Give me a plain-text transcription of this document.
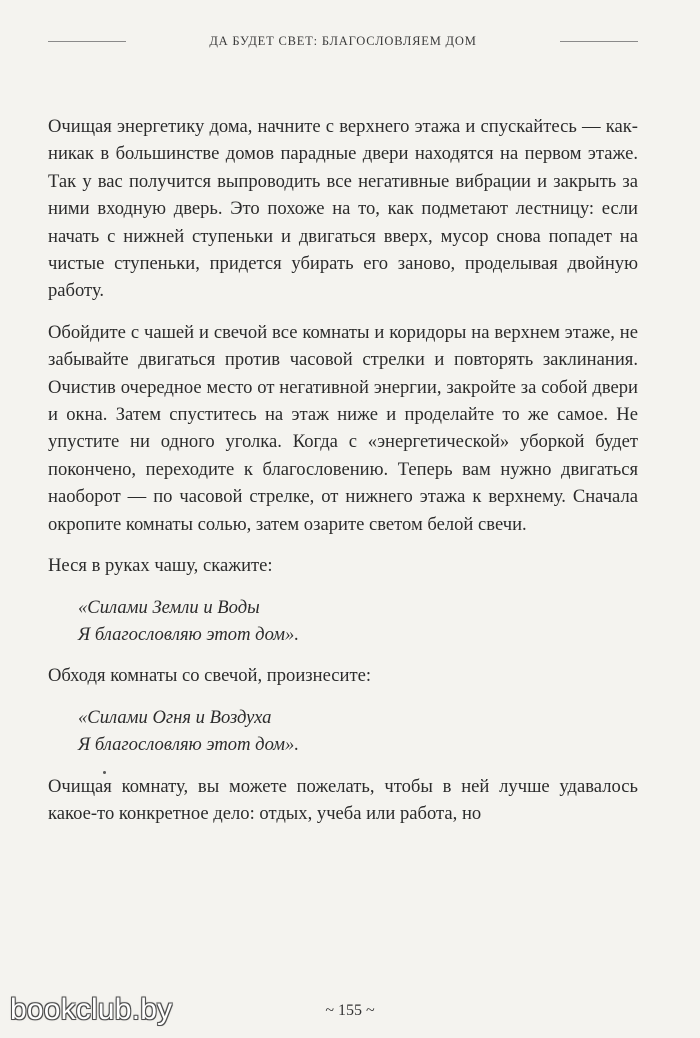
ДА БУДЕТ СВЕТ: БЛАГОСЛОВЛЯЕМ ДОМ

Очищая энергетику дома, начните с верхнего этажа и спускайтесь — как-никак в большинстве домов парадные двери находятся на первом этаже. Так у вас получится выпроводить все негативные вибрации и закрыть за ними входную дверь. Это похоже на то, как подметают лестницу: если начать с нижней ступеньки и двигаться вверх, мусор снова попадет на чистые ступеньки, придется убирать его заново, проделывая двойную работу.

Обойдите с чашей и свечой все комнаты и коридоры на верхнем этаже, не забывайте двигаться против часовой стрелки и повторять заклинания. Очистив очередное место от негативной энергии, закройте за собой двери и окна. Затем спуститесь на этаж ниже и проделайте то же самое. Не упустите ни одного уголка. Когда с «энергетической» уборкой будет покончено, переходите к благословению. Теперь вам нужно двигаться наоборот — по часовой стрелке, от нижнего этажа к верхнему. Сначала окропите комнаты солью, затем озарите светом белой свечи.

Неся в руках чашу, скажите:

«Силами Земли и Воды
Я благословляю этот дом».

Обходя комнаты со свечой, произнесите:

«Силами Огня и Воздуха
Я благословляю этот дом».

Очищая комнату, вы можете пожелать, чтобы в ней лучше удавалось какое-то конкретное дело: отдых, учеба или работа, но

~ 155 ~
bookclub.by
